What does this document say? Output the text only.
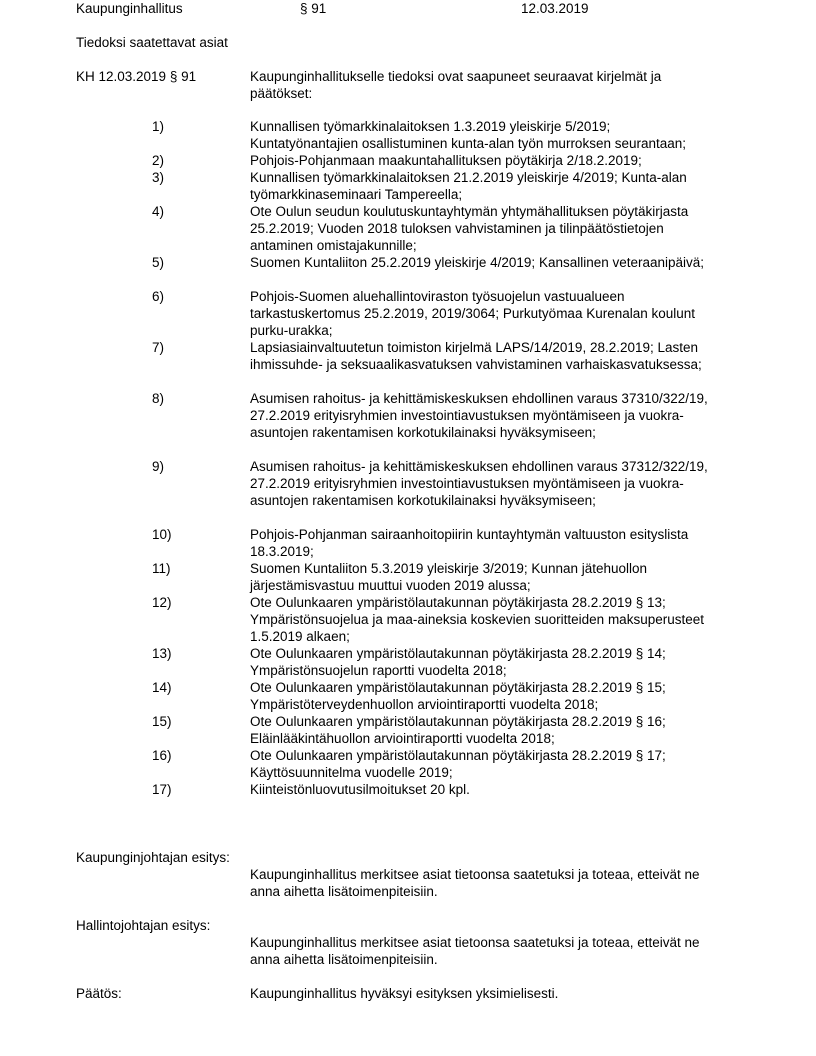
Kaupunginhallitus	§ 91	12.03.2019
Tiedoksi saatettavat asiat
KH 12.03.2019 § 91	Kaupunginhallitukselle tiedoksi ovat saapuneet seuraavat kirjelmät ja päätökset:
1)	Kunnallisen työmarkkinalaitoksen 1.3.2019 yleiskirje 5/2019; Kuntatyönantajien osallistuminen kunta-alan työn murroksen seurantaan;
2)	Pohjois-Pohjanmaan maakuntahallituksen pöytäkirja 2/18.2.2019;
3)	Kunnallisen työmarkkinalaitoksen 21.2.2019 yleiskirje 4/2019; Kunta-alan työmarkkinaseminaari Tampereella;
4)	Ote Oulun seudun koulutuskuntayhtymän yhtymähallituksen pöytäkirjasta 25.2.2019; Vuoden 2018 tuloksen vahvistaminen ja tilinpäätöstietojen antaminen omistajakunnille;
5)	Suomen Kuntaliiton 25.2.2019 yleiskirje 4/2019; Kansallinen veteraanipäivä;
6)	Pohjois-Suomen aluehallintoviraston työsuojelun vastuualueen tarkastuskertomus 25.2.2019, 2019/3064; Purkutyömaa Kurenalan koulunt purku-urakka;
7)	Lapsiasiainvaltuutetun toimiston kirjelmä LAPS/14/2019, 28.2.2019; Lasten ihmissuhde- ja seksuaalikasvatuksen vahvistaminen varhaiskasvatuksessa;
8)	Asumisen rahoitus- ja kehittämiskeskuksen ehdollinen varaus 37310/322/19, 27.2.2019 erityisryhmien investointiavustuksen myöntämiseen ja vuokra-asuntojen rakentamisen korkotukilainaksi hyväksymiseen;
9)	Asumisen rahoitus- ja kehittämiskeskuksen ehdollinen varaus 37312/322/19, 27.2.2019 erityisryhmien investointiavustuksen myöntämiseen ja vuokra-asuntojen rakentamisen korkotukilainaksi hyväksymiseen;
10)	Pohjois-Pohjanman sairaanhoitopiirin kuntayhtymän valtuuston esityslista 18.3.2019;
11)	Suomen Kuntaliiton 5.3.2019 yleiskirje 3/2019; Kunnan jätehuollon järjestämisvastuu muuttui vuoden 2019 alussa;
12)	Ote Oulunkaaren ympäristölautakunnan pöytäkirjasta 28.2.2019 § 13; Ympäristönsuojelua ja maa-aineksia koskevien suoritteiden maksuperusteet 1.5.2019 alkaen;
13)	Ote Oulunkaaren ympäristölautakunnan pöytäkirjasta 28.2.2019 § 14; Ympäristönsuojelun raportti vuodelta 2018;
14)	Ote Oulunkaaren ympäristölautakunnan pöytäkirjasta 28.2.2019 § 15; Ympäristöterveydenhuollon arviointiraportti vuodelta 2018;
15)	Ote Oulunkaaren ympäristölautakunnan pöytäkirjasta 28.2.2019 § 16; Eläinlääkintähuollon arviointiraportti vuodelta 2018;
16)	Ote Oulunkaaren ympäristölautakunnan pöytäkirjasta 28.2.2019 § 17; Käyttösuunnitelma vuodelle 2019;
17)	Kiinteistönluovutusilmoitukset 20 kpl.
Kaupunginjohtajan esitys:
Kaupunginhallitus merkitsee asiat tietoonsa saatetuksi ja toteaa, etteivät ne anna aihetta lisätoimenpiteisiin.
Hallintojohtajan esitys:
Kaupunginhallitus merkitsee asiat tietoonsa saatetuksi ja toteaa, etteivät ne anna aihetta lisätoimenpiteisiin.
Päätös:	Kaupunginhallitus hyväksyi esityksen yksimielisesti.
